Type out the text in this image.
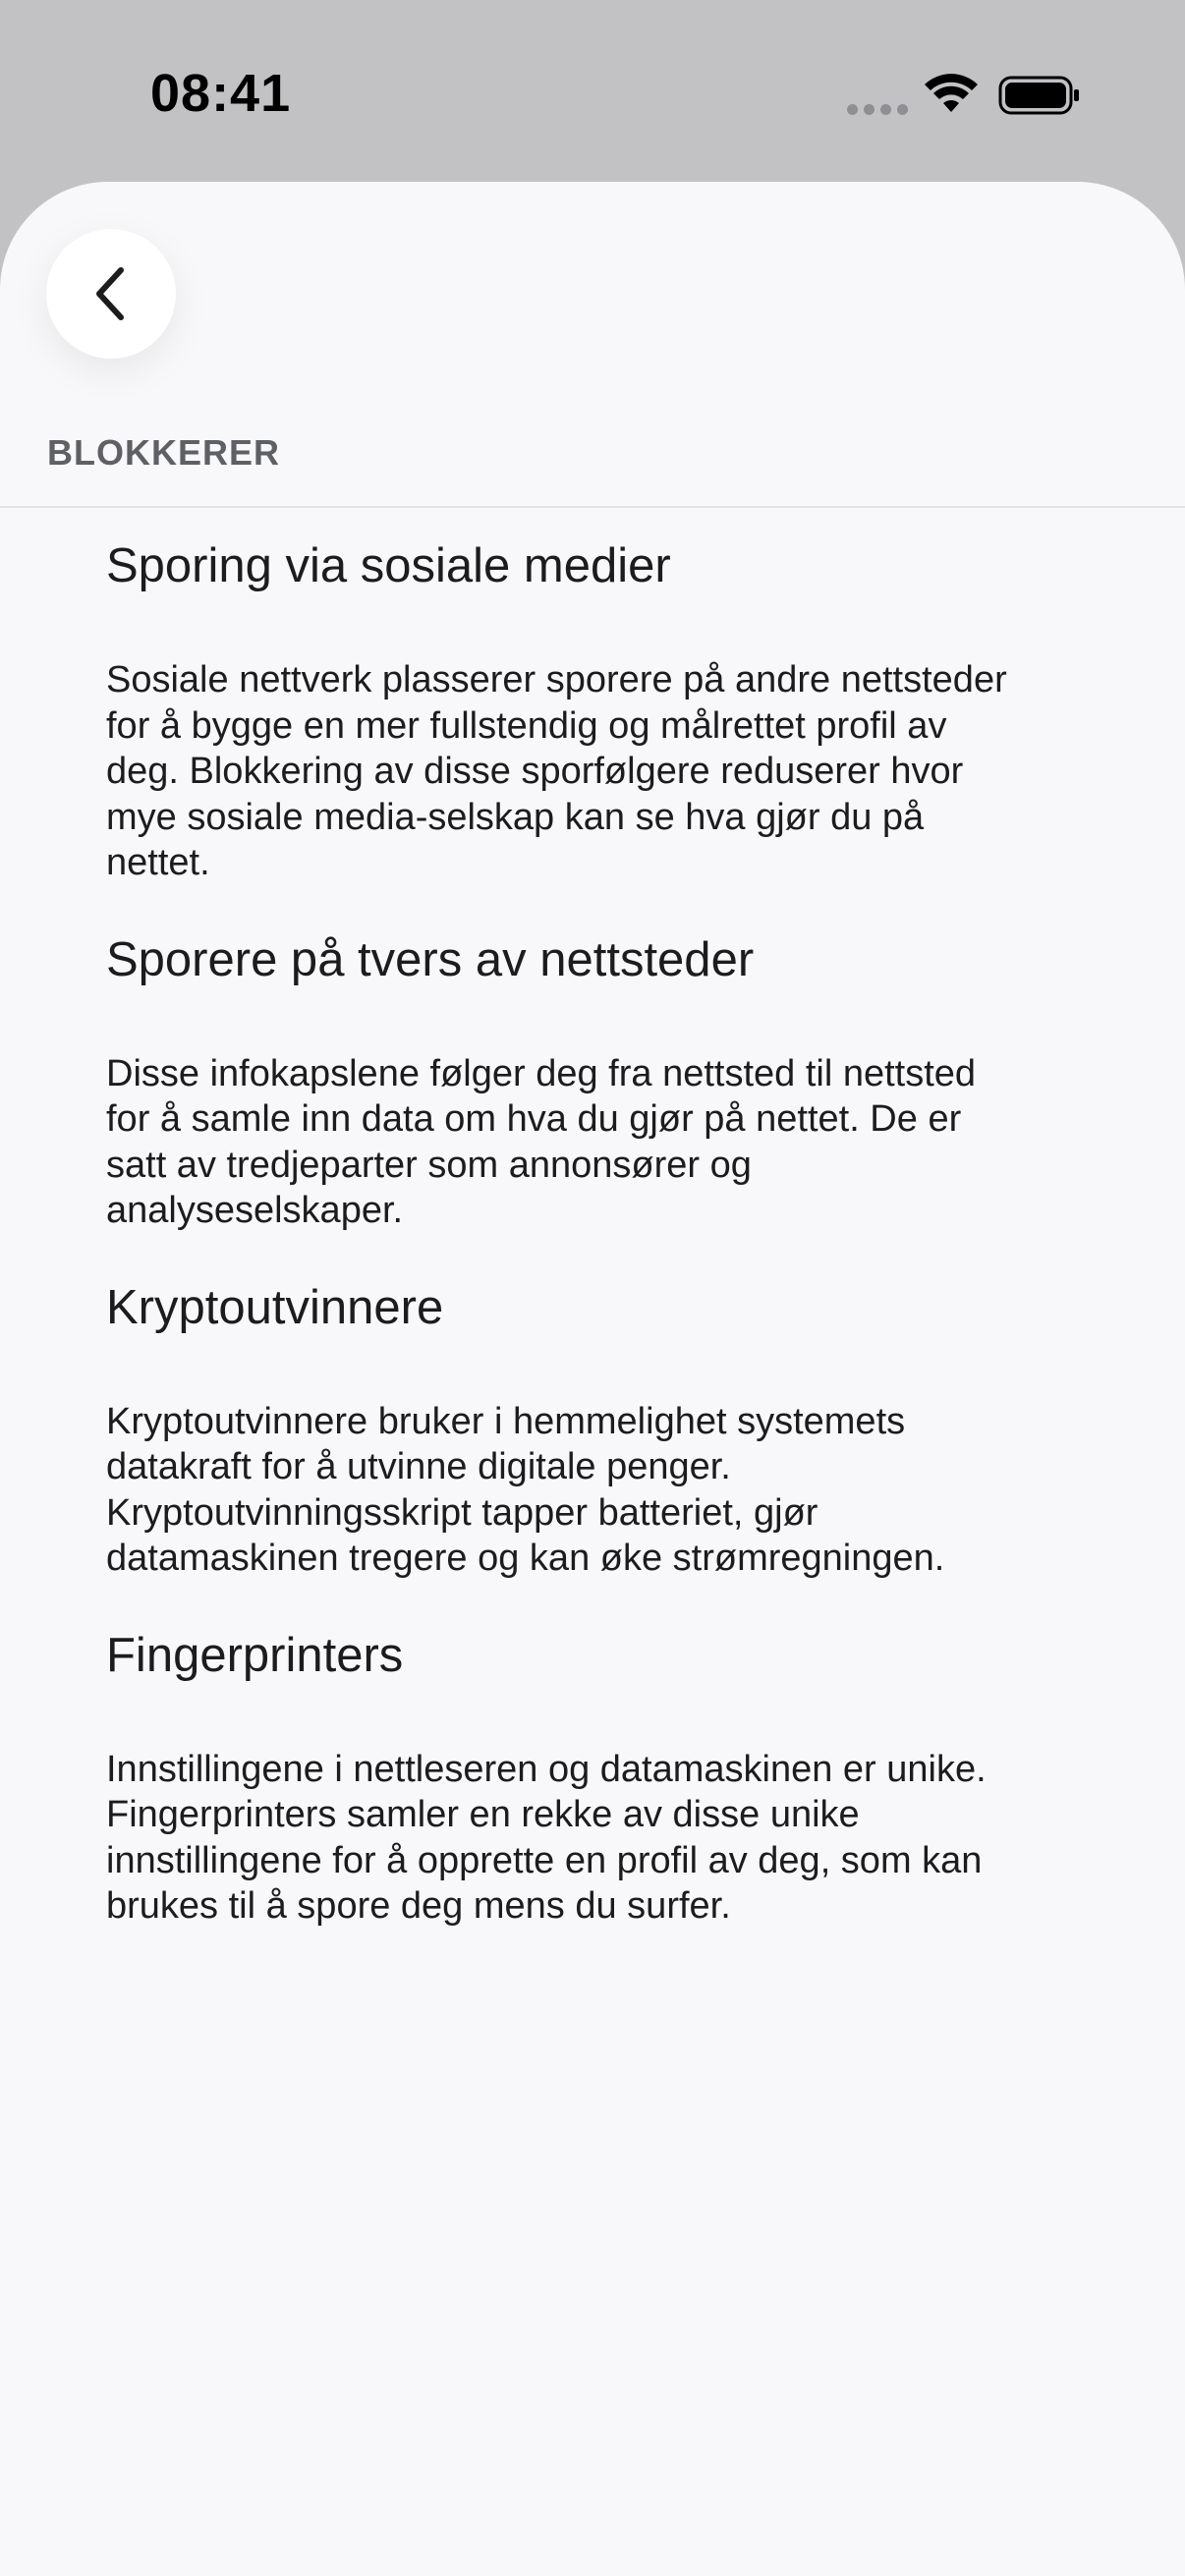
08:41
BLOKKERER
Sporing via sosiale medier

Sosiale nettverk plasserer sporere på andre nettsteder
for å bygge en mer fullstendig og målrettet profil av
deg. Blokkering av disse sporfølgere reduserer hvor
mye sosiale media-selskap kan se hva gjør du på
nettet.

Sporere på tvers av nettsteder

Disse infokapslene følger deg fra nettsted til nettsted
for å samle inn data om hva du gjør på nettet. De er
satt av tredjeparter som annonsører og
analyseselskaper.

Kryptoutvinnere

Kryptoutvinnere bruker i hemmelighet systemets
datakraft for å utvinne digitale penger.
Kryptoutvinningsskript tapper batteriet, gjør
datamaskinen tregere og kan øke strømregningen.

Fingerprinters

Innstillingene i nettleseren og datamaskinen er unike.
Fingerprinters samler en rekke av disse unike
innstillingene for å opprette en profil av deg, som kan
brukes til å spore deg mens du surfer.
